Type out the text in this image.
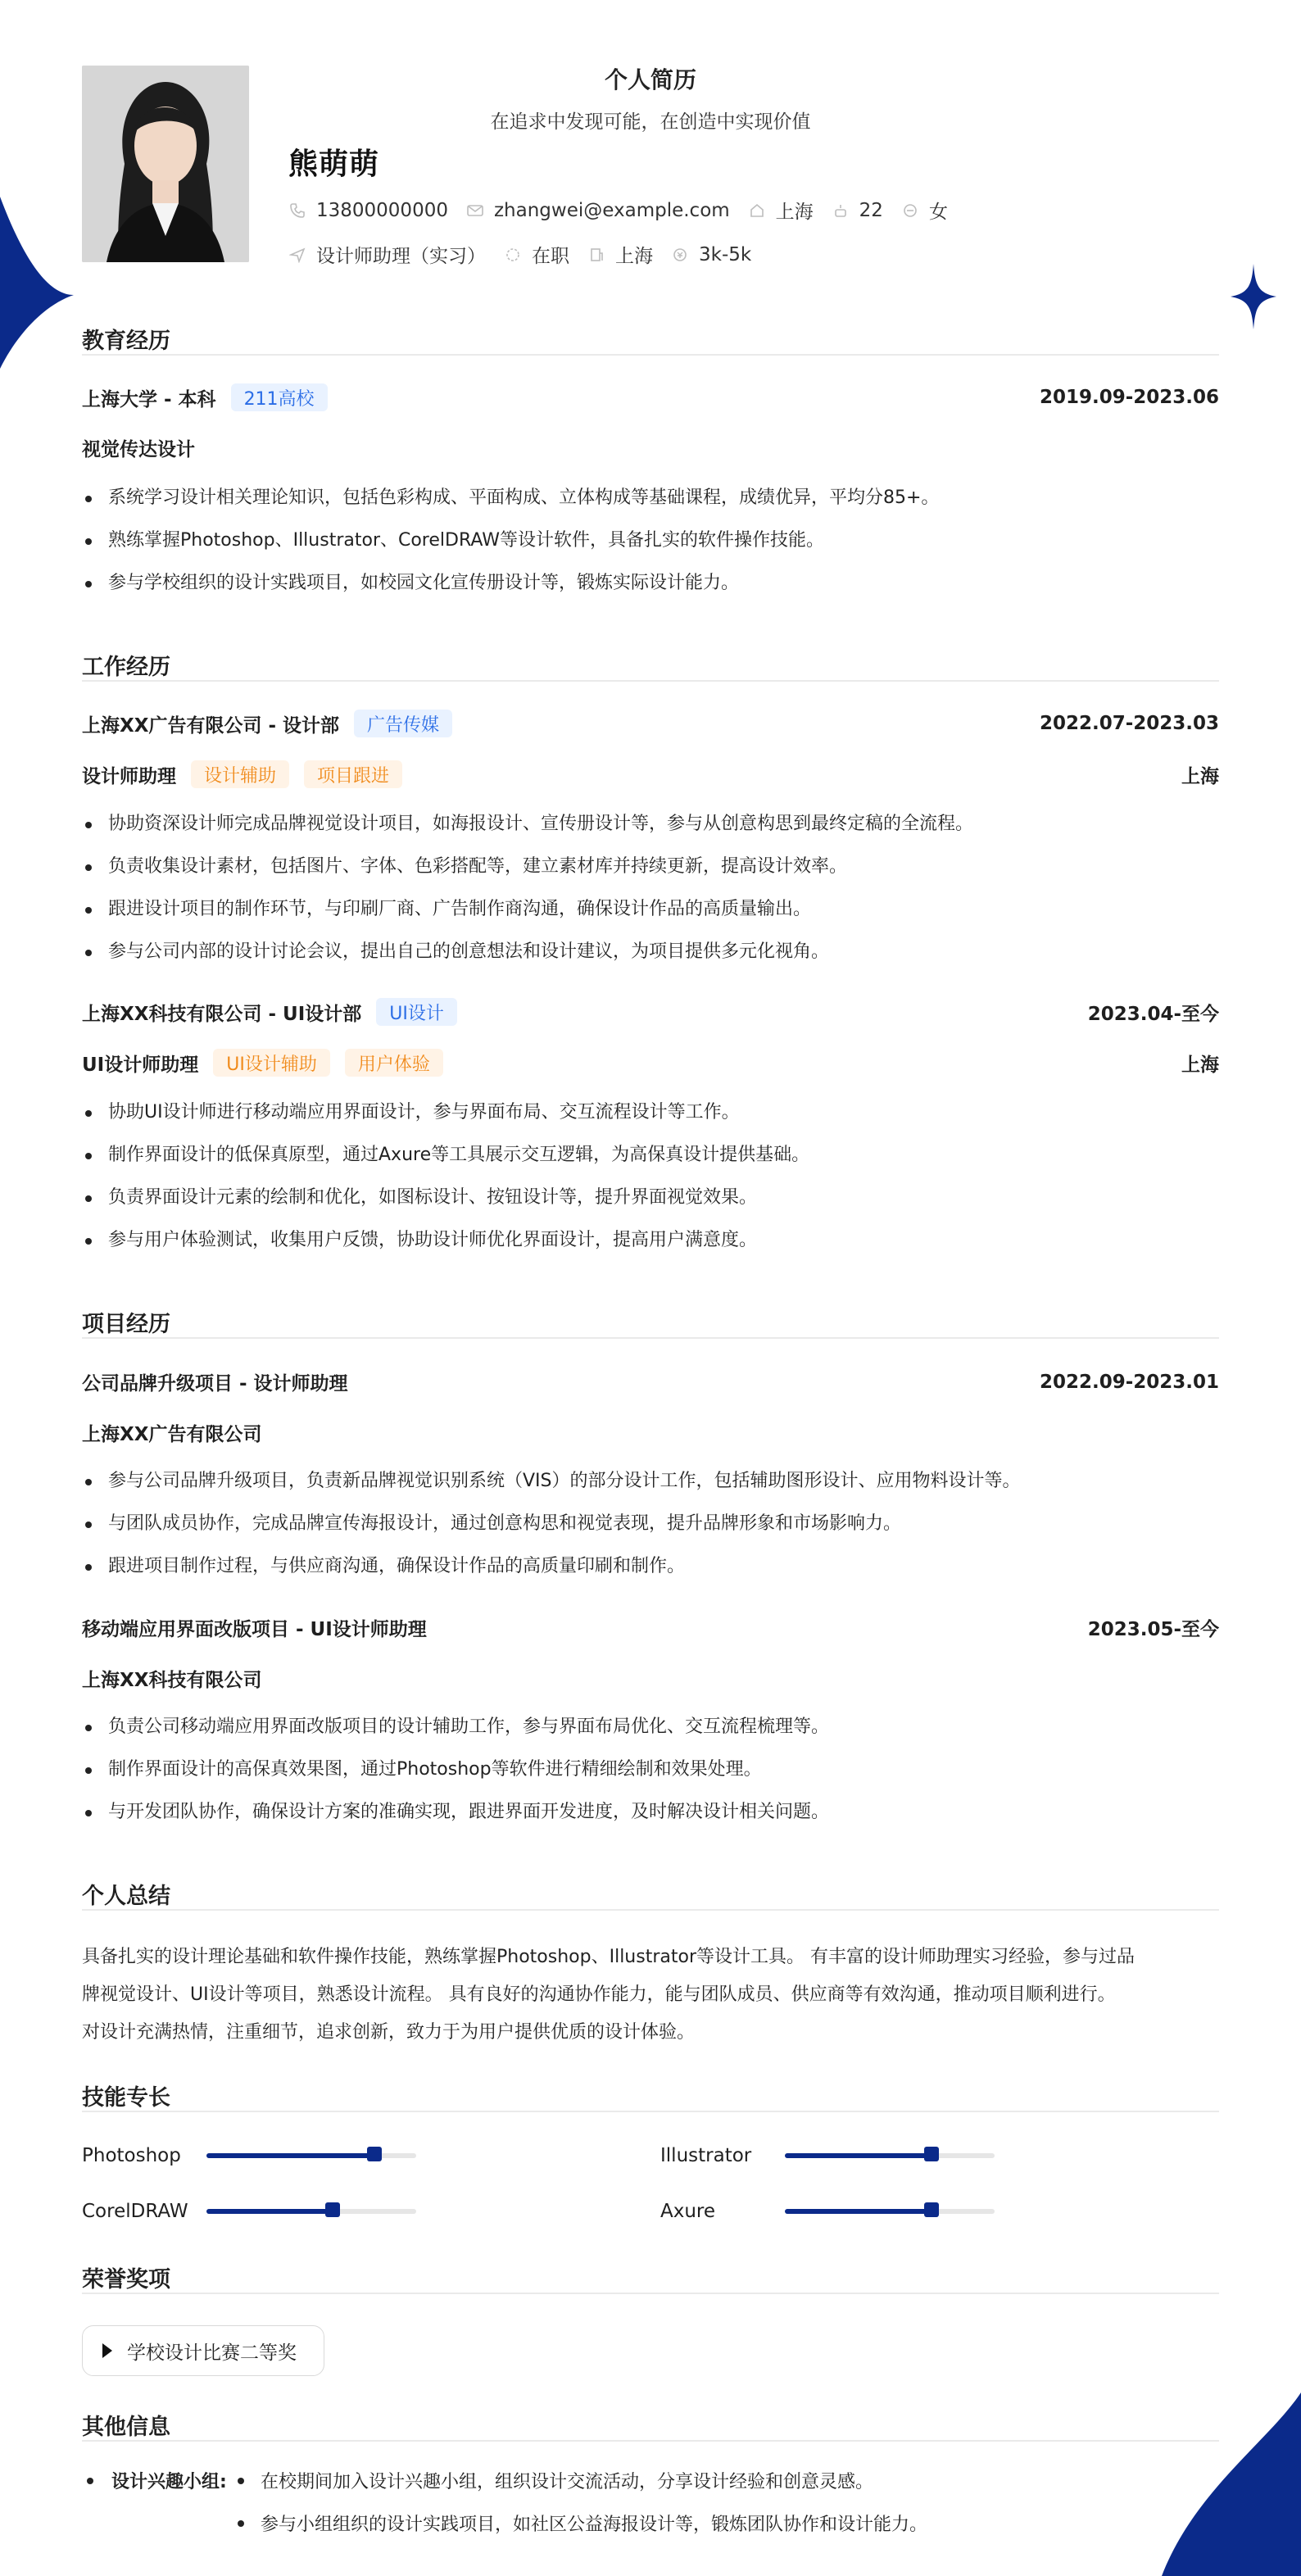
个人简历
在追求中发现可能，在创造中实现价值
熊萌萌
13800000000 zhangwei@example.com 上海 22 女
设计师助理（实习） 在职 上海 3k-5k
教育经历
上海大学 - 本科	211高校	2019.09-2023.06
视觉传达设计
系统学习设计相关理论知识，包括色彩构成、平面构成、立体构成等基础课程，成绩优异，平均分85+。
熟练掌握Photoshop、Illustrator、CorelDRAW等设计软件，具备扎实的软件操作技能。
参与学校组织的设计实践项目，如校园文化宣传册设计等，锻炼实际设计能力。
工作经历
上海XX广告有限公司 - 设计部	广告传媒	2022.07-2023.03
设计师助理	设计辅助	项目跟进	上海
协助资深设计师完成品牌视觉设计项目，如海报设计、宣传册设计等，参与从创意构思到最终定稿的全流程。
负责收集设计素材，包括图片、字体、色彩搭配等，建立素材库并持续更新，提高设计效率。
跟进设计项目的制作环节，与印刷厂商、广告制作商沟通，确保设计作品的高质量输出。
参与公司内部的设计讨论会议，提出自己的创意想法和设计建议，为项目提供多元化视角。
上海XX科技有限公司 - UI设计部	UI设计	2023.04-至今
UI设计师助理	UI设计辅助	用户体验	上海
协助UI设计师进行移动端应用界面设计，参与界面布局、交互流程设计等工作。
制作界面设计的低保真原型，通过Axure等工具展示交互逻辑，为高保真设计提供基础。
负责界面设计元素的绘制和优化，如图标设计、按钮设计等，提升界面视觉效果。
参与用户体验测试，收集用户反馈，协助设计师优化界面设计，提高用户满意度。
项目经历
公司品牌升级项目 - 设计师助理	2022.09-2023.01
上海XX广告有限公司
参与公司品牌升级项目，负责新品牌视觉识别系统（VIS）的部分设计工作，包括辅助图形设计、应用物料设计等。
与团队成员协作，完成品牌宣传海报设计，通过创意构思和视觉表现，提升品牌形象和市场影响力。
跟进项目制作过程，与供应商沟通，确保设计作品的高质量印刷和制作。
移动端应用界面改版项目 - UI设计师助理	2023.05-至今
上海XX科技有限公司
负责公司移动端应用界面改版项目的设计辅助工作，参与界面布局优化、交互流程梳理等。
制作界面设计的高保真效果图，通过Photoshop等软件进行精细绘制和效果处理。
与开发团队协作，确保设计方案的准确实现，跟进界面开发进度，及时解决设计相关问题。
个人总结
具备扎实的设计理论基础和软件操作技能，熟练掌握Photoshop、Illustrator等设计工具。 有丰富的设计师助理实习经验，参与过品
牌视觉设计、UI设计等项目，熟悉设计流程。 具有良好的沟通协作能力，能与团队成员、供应商等有效沟通，推动项目顺利进行。
对设计充满热情，注重细节，追求创新，致力于为用户提供优质的设计体验。
技能专长
Photoshop	Illustrator
CorelDRAW	Axure
荣誉奖项
学校设计比赛二等奖
其他信息
设计兴趣小组:	在校期间加入设计兴趣小组，组织设计交流活动，分享设计经验和创意灵感。
参与小组组织的设计实践项目，如社区公益海报设计等，锻炼团队协作和设计能力。
